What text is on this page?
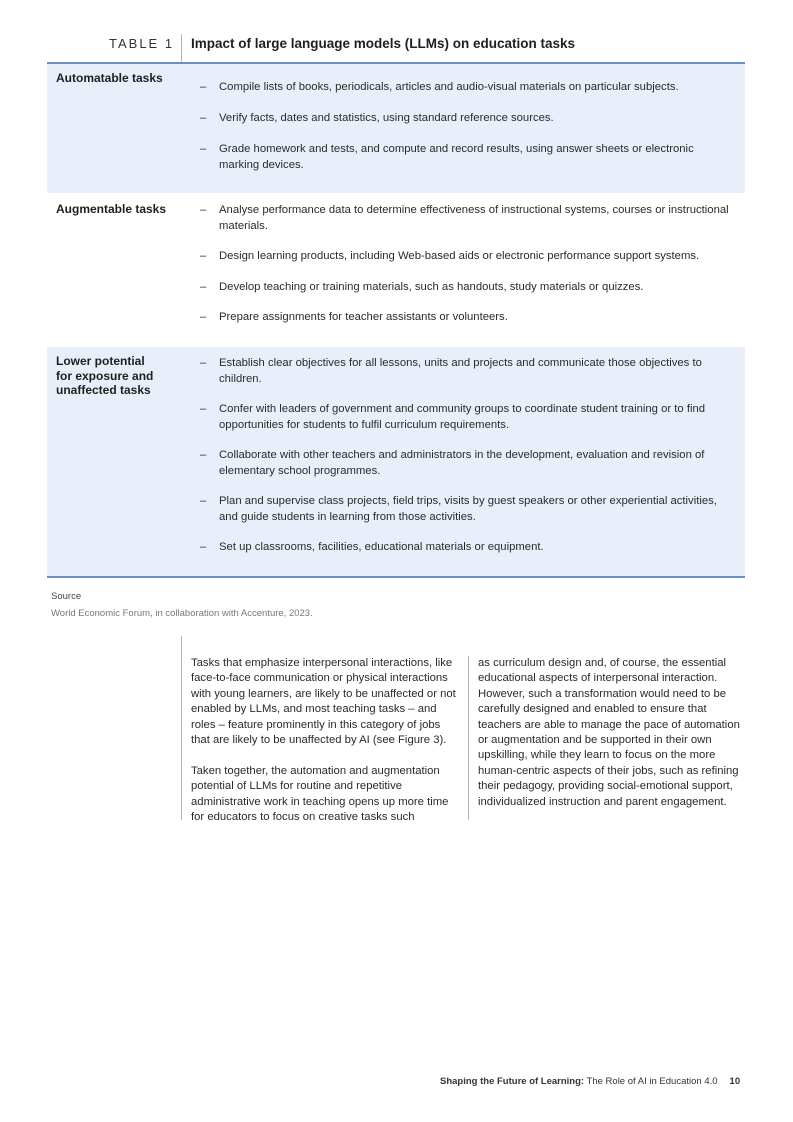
TABLE 1 Impact of large language models (LLMs) on education tasks
Automatable tasks
– Compile lists of books, periodicals, articles and audio-visual materials on particular subjects.
– Verify facts, dates and statistics, using standard reference sources.
– Grade homework and tests, and compute and record results, using answer sheets or electronic marking devices.
Augmentable tasks	– Analyse performance data to determine effectiveness of instructional systems, courses or instructional materials.
– Design learning products, including Web-based aids or electronic performance support systems.
– Develop teaching or training materials, such as handouts, study materials or quizzes.
– Prepare assignments for teacher assistants or volunteers.
Lower potential for exposure and unaffected tasks
– Establish clear objectives for all lessons, units and projects and communicate those objectives to children.
– Confer with leaders of government and community groups to coordinate student training or to find opportunities for students to fulfil curriculum requirements.
– Collaborate with other teachers and administrators in the development, evaluation and revision of elementary school programmes.
– Plan and supervise class projects, field trips, visits by guest speakers or other experiential activities, and guide students in learning from those activities.
– Set up classrooms, facilities, educational materials or equipment.
Source
World Economic Forum, in collaboration with Accenture, 2023.

Tasks that emphasize interpersonal interactions, like face-to-face communication or physical interactions with young learners, are likely to be unaffected or not enabled by LLMs, and most teaching tasks – and roles – feature prominently in this category of jobs that are likely to be unaffected by AI (see Figure 3).

Taken together, the automation and augmentation potential of LLMs for routine and repetitive administrative work in teaching opens up more time for educators to focus on creative tasks such

as curriculum design and, of course, the essential educational aspects of interpersonal interaction. However, such a transformation would need to be carefully designed and enabled to ensure that teachers are able to manage the pace of automation or augmentation and be supported in their own upskilling, while they learn to focus on the more human-centric aspects of their jobs, such as refining their pedagogy, providing social-emotional support, individualized instruction and parent engagement.

Shaping the Future of Learning: The Role of AI in Education 4.0 10
